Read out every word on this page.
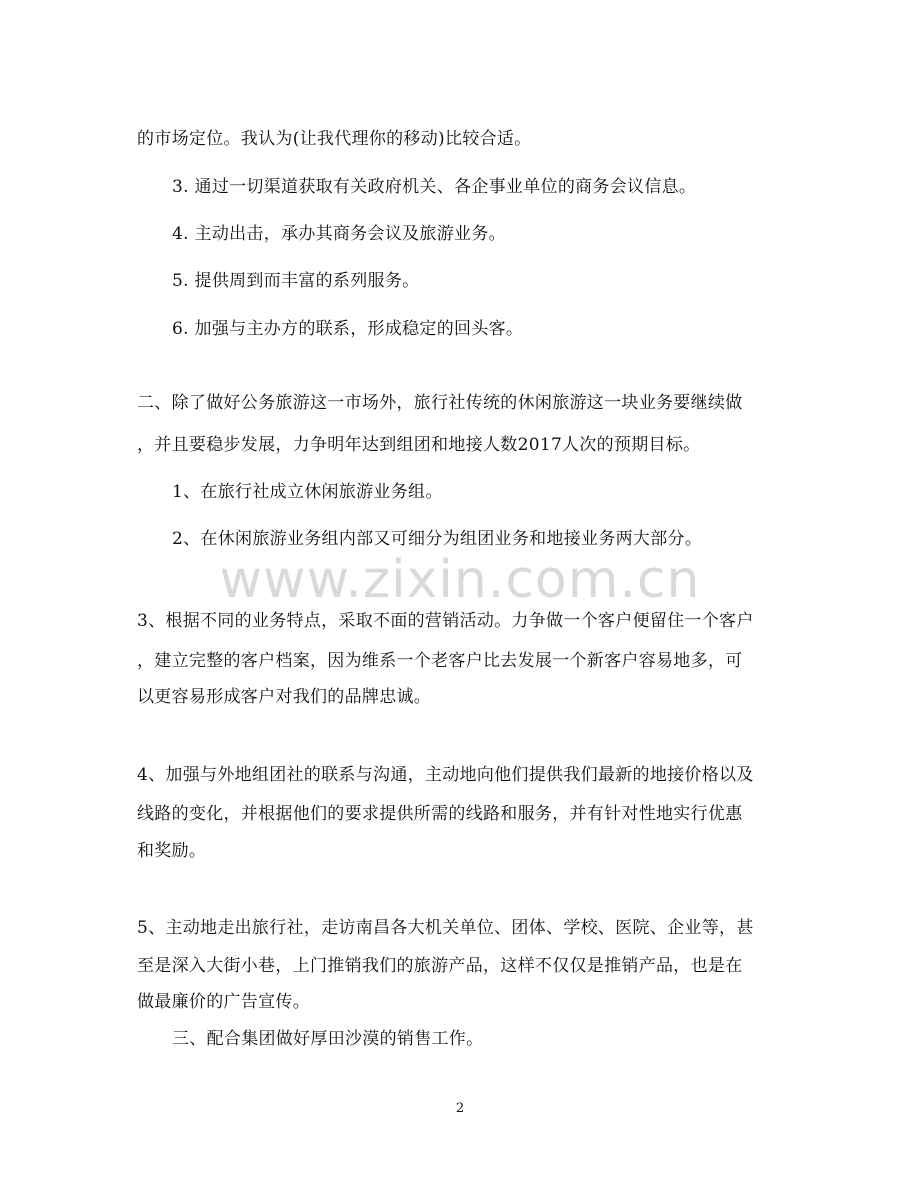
www.zixin.com.cn
的市场定位。我认为(让我代理你的移动)比较合适。
3. 通过一切渠道获取有关政府机关、各企事业单位的商务会议信息。
4. 主动出击，承办其商务会议及旅游业务。
5. 提供周到而丰富的系列服务。
6. 加强与主办方的联系，形成稳定的回头客。
二、除了做好公务旅游这一市场外，旅行社传统的休闲旅游这一块业务要继续做
，并且要稳步发展，力争明年达到组团和地接人数2017人次的预期目标。
1、在旅行社成立休闲旅游业务组。
2、在休闲旅游业务组内部又可细分为组团业务和地接业务两大部分。
3、根据不同的业务特点，采取不面的营销活动。力争做一个客户便留住一个客户
，建立完整的客户档案，因为维系一个老客户比去发展一个新客户容易地多，可
以更容易形成客户对我们的品牌忠诚。
4、加强与外地组团社的联系与沟通，主动地向他们提供我们最新的地接价格以及
线路的变化，并根据他们的要求提供所需的线路和服务，并有针对性地实行优惠
和奖励。
5、主动地走出旅行社，走访南昌各大机关单位、团体、学校、医院、企业等，甚
至是深入大街小巷，上门推销我们的旅游产品，这样不仅仅是推销产品，也是在
做最廉价的广告宣传。
三、配合集团做好厚田沙漠的销售工作。
2
